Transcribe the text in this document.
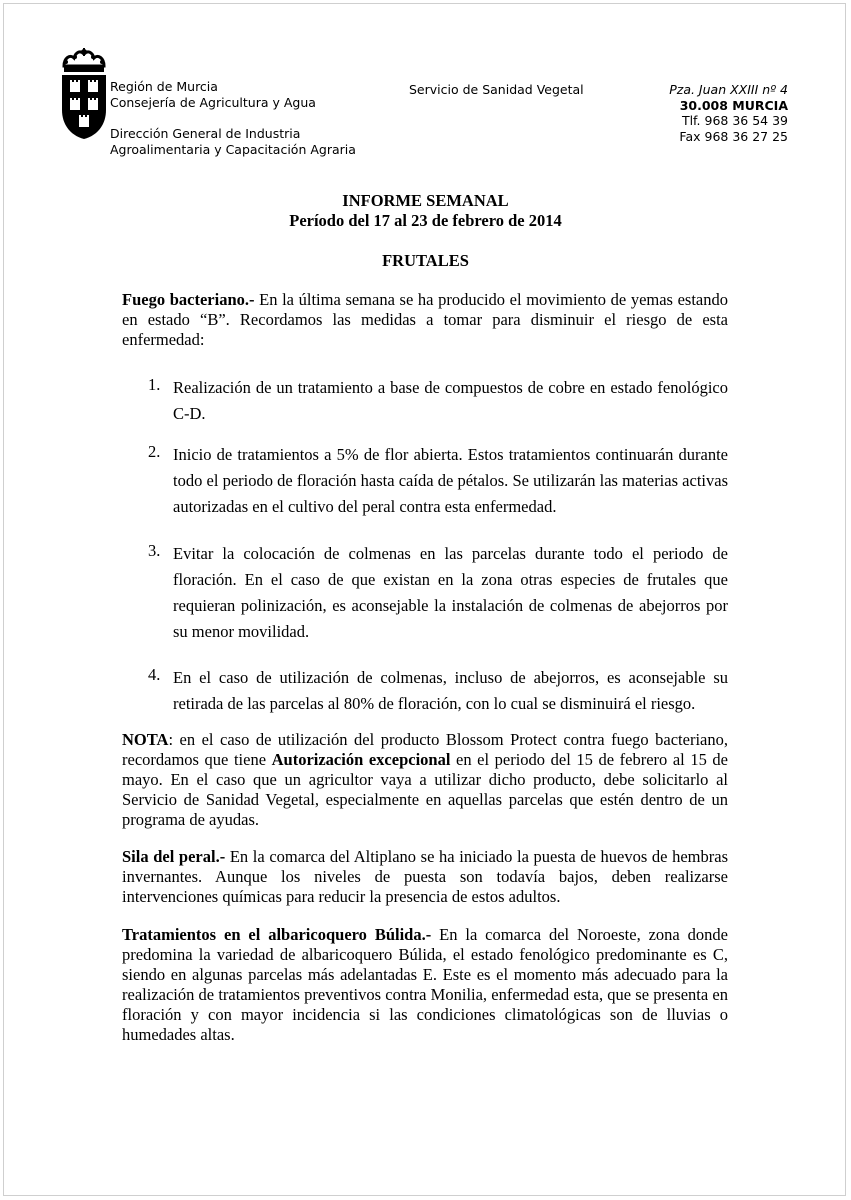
Región de Murcia
Consejería de Agricultura y Agua
Dirección General de Industria
Agroalimentaria y Capacitación Agraria
Servicio de Sanidad Vegetal	Pza. Juan XXIII nº 4
30.008 MURCIA
Tlf. 968 36 54 39
Fax 968 36 27 25
INFORME SEMANAL
Período del 17 al 23 de febrero de 2014
FRUTALES
Fuego bacteriano.- En la última semana se ha producido el movimiento de yemas estando en estado “B”. Recordamos las medidas a tomar para disminuir el riesgo de esta enfermedad:
1. Realización de un tratamiento a base de compuestos de cobre en estado fenológico C-D.
2. Inicio de tratamientos a 5% de flor abierta. Estos tratamientos continuarán durante todo el periodo de floración hasta caída de pétalos. Se utilizarán las materias activas autorizadas en el cultivo del peral contra esta enfermedad.
3. Evitar la colocación de colmenas en las parcelas durante todo el periodo de floración. En el caso de que existan en la zona otras especies de frutales que requieran polinización, es aconsejable la instalación de colmenas de abejorros por su menor movilidad.
4. En el caso de utilización de colmenas, incluso de abejorros, es aconsejable su retirada de las parcelas al 80% de floración, con lo cual se disminuirá el riesgo.
NOTA: en el caso de utilización del producto Blossom Protect contra fuego bacteriano, recordamos que tiene Autorización excepcional en el periodo del 15 de febrero al 15 de mayo. En el caso que un agricultor vaya a utilizar dicho producto, debe solicitarlo al Servicio de Sanidad Vegetal, especialmente en aquellas parcelas que estén dentro de un programa de ayudas.
Sila del peral.- En la comarca del Altiplano se ha iniciado la puesta de huevos de hembras invernantes. Aunque los niveles de puesta son todavía bajos, deben realizarse intervenciones químicas para reducir la presencia de estos adultos.
Tratamientos en el albaricoquero Búlida.- En la comarca del Noroeste, zona donde predomina la variedad de albaricoquero Búlida, el estado fenológico predominante es C, siendo en algunas parcelas más adelantadas E. Este es el momento más adecuado para la realización de tratamientos preventivos contra Monilia, enfermedad esta, que se presenta en floración y con mayor incidencia si las condiciones climatológicas son de lluvias o humedades altas.
